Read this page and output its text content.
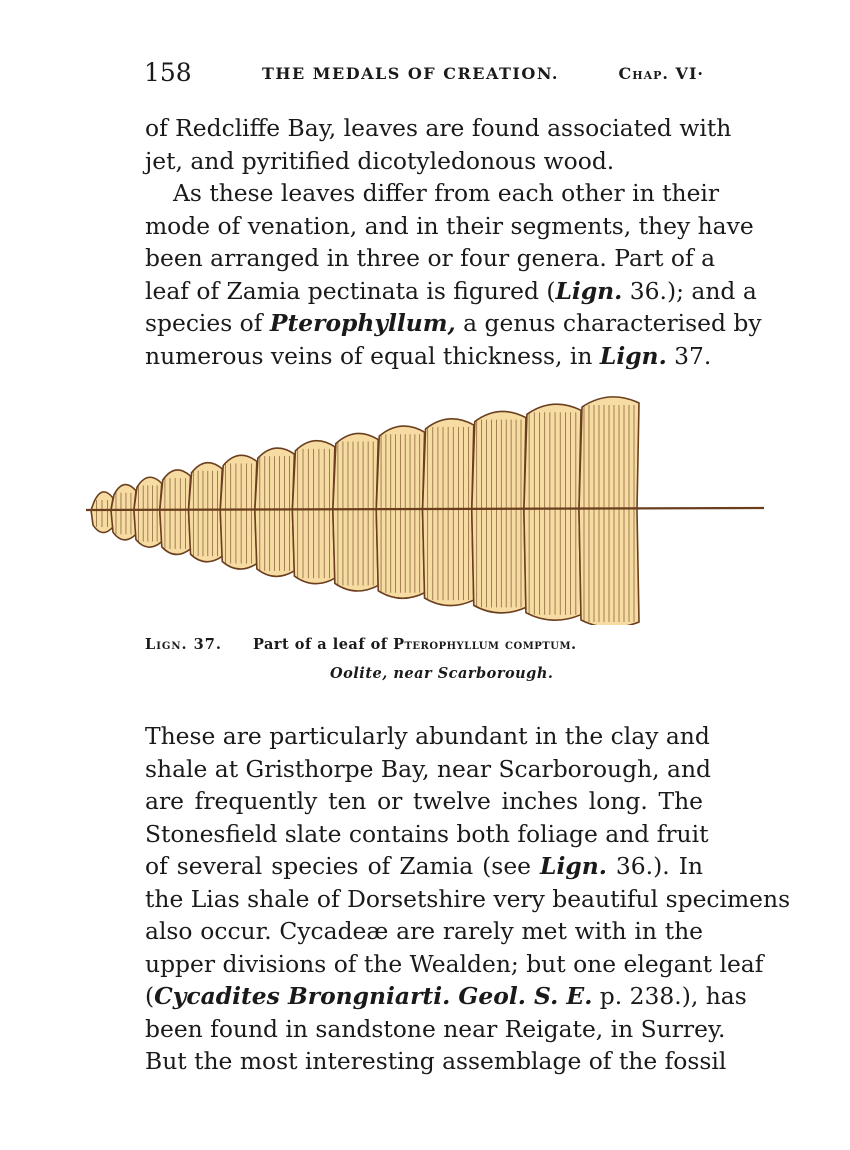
158	THE MEDALS OF CREATION.	Chap. VI·
of Redcliffe Bay, leaves are found associated with
jet, and pyritified dicotyledonous wood.
As these leaves differ from each other in their
mode of venation, and in their segments, they have
been arranged in three or four genera. Part of a
leaf of Zamia pectinata is figured (Lign. 36.); and a
species of Pterophyllum, a genus characterised by
numerous veins of equal thickness, in Lign. 37.
Lign. 37. Part of a leaf of Pterophyllum comptum.
Oolite, near Scarborough.
These are particularly abundant in the clay and
shale at Gristhorpe Bay, near Scarborough, and
are frequently ten or twelve inches long. The
Stonesfield slate contains both foliage and fruit
of several species of Zamia (see Lign. 36.). In
the Lias shale of Dorsetshire very beautiful specimens
also occur. Cycadeæ are rarely met with in the
upper divisions of the Wealden; but one elegant leaf
(Cycadites Brongniarti. Geol. S. E. p. 238.), has
been found in sandstone near Reigate, in Surrey.
But the most interesting assemblage of the fossil
